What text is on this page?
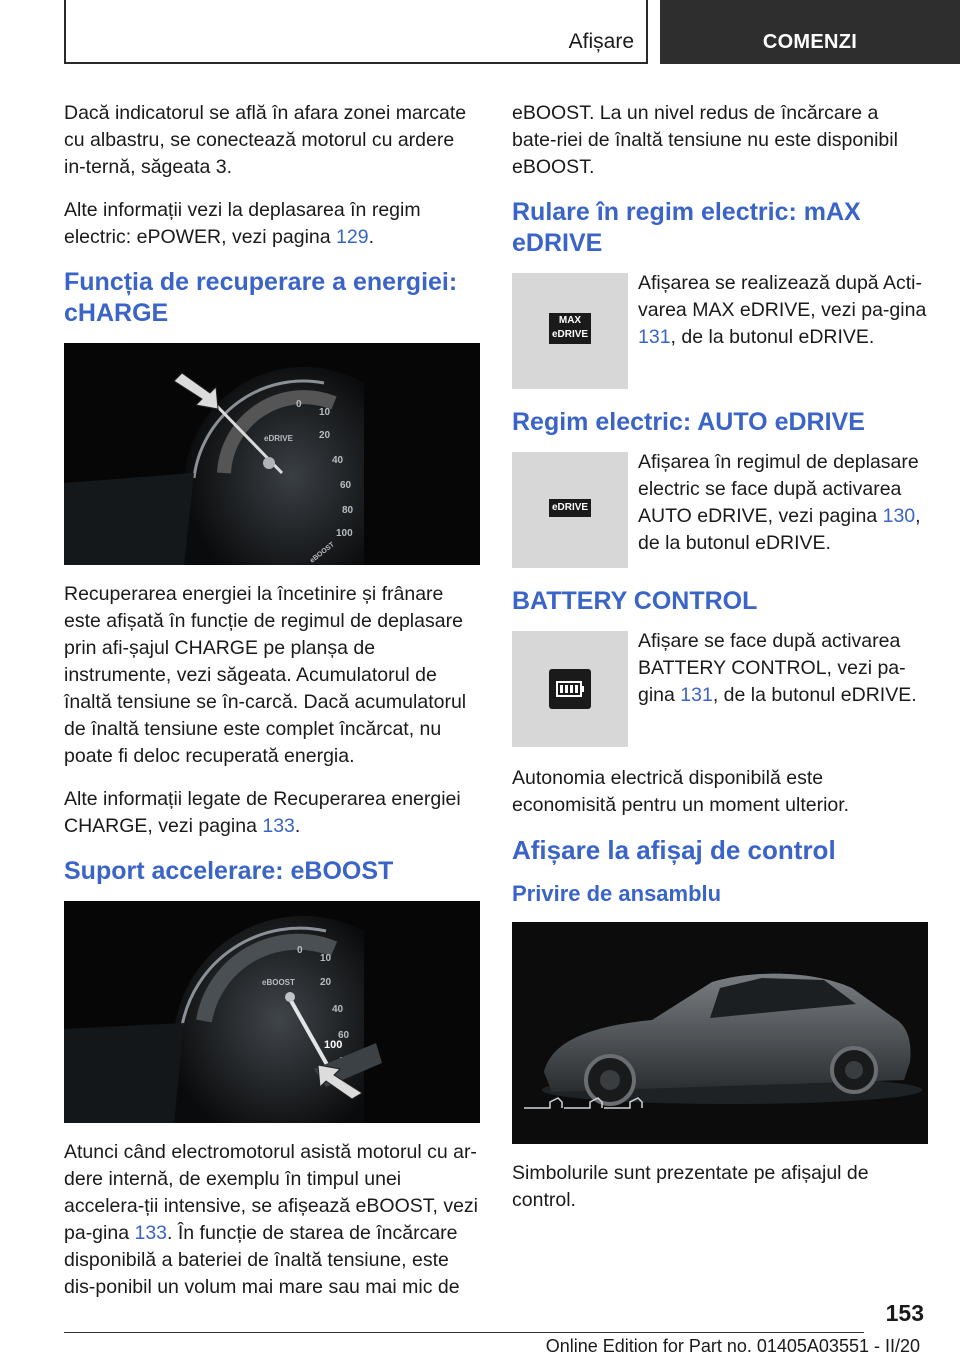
Afișare	COMENZI

Dacă indicatorul se află în afara zonei marcate cu albastru, se conectează motorul cu ardere in‐ternă, săgeata 3.

Alte informații vezi la deplasarea în regim electric: ePOWER, vezi pagina 129.

Funcția de recuperare a energiei: cHARGE
0
10
20
40
60
80
100
eDRIVE
eBOOST

Recuperarea energiei la încetinire și frânare este afișată în funcție de regimul de deplasare prin afi‐șajul CHARGE pe planșa de instrumente, vezi săgeata. Acumulatorul de înaltă tensiune se în‐carcă. Dacă acumulatorul de înaltă tensiune este complet încărcat, nu poate fi deloc recuperată energia.

Alte informații legate de Recuperarea energiei CHARGE, vezi pagina 133.

Suport accelerare: eBOOST
0
10
20
40
60
100
eBOOST

Atunci când electromotorul asistă motorul cu ar‐dere internă, de exemplu în timpul unei accelera‐ții intensive, se afișează eBOOST, vezi pa‐gina 133. În funcție de starea de încărcare disponibilă a bateriei de înaltă tensiune, este dis‐ponibil un volum mai mare sau mai mic de

eBOOST. La un nivel redus de încărcare a bate‐riei de înaltă tensiune nu este disponibil eBOOST.

Rulare în regim electric: mAX eDRIVE
MAX
eDRIVE
Afișarea se realizează după Acti‐varea MAX eDRIVE, vezi pa‐gina 131, de la butonul eDRIVE.
Regim electric: AUTO eDRIVE
eDRIVE
Afișarea în regimul de deplasare electric se face după activarea AUTO eDRIVE, vezi pagina 130, de la butonul eDRIVE.
BATTERY CONTROL
Afișare se face după activarea BATTERY CONTROL, vezi pa‐gina 131, de la butonul eDRIVE.

Autonomia electrică disponibilă este economisită pentru un moment ulterior.

Afișare la afișaj de control
Privire de ansamblu

Simbolurile sunt prezentate pe afișajul de control.

153
Online Edition for Part no. 01405A03551 - II/20
